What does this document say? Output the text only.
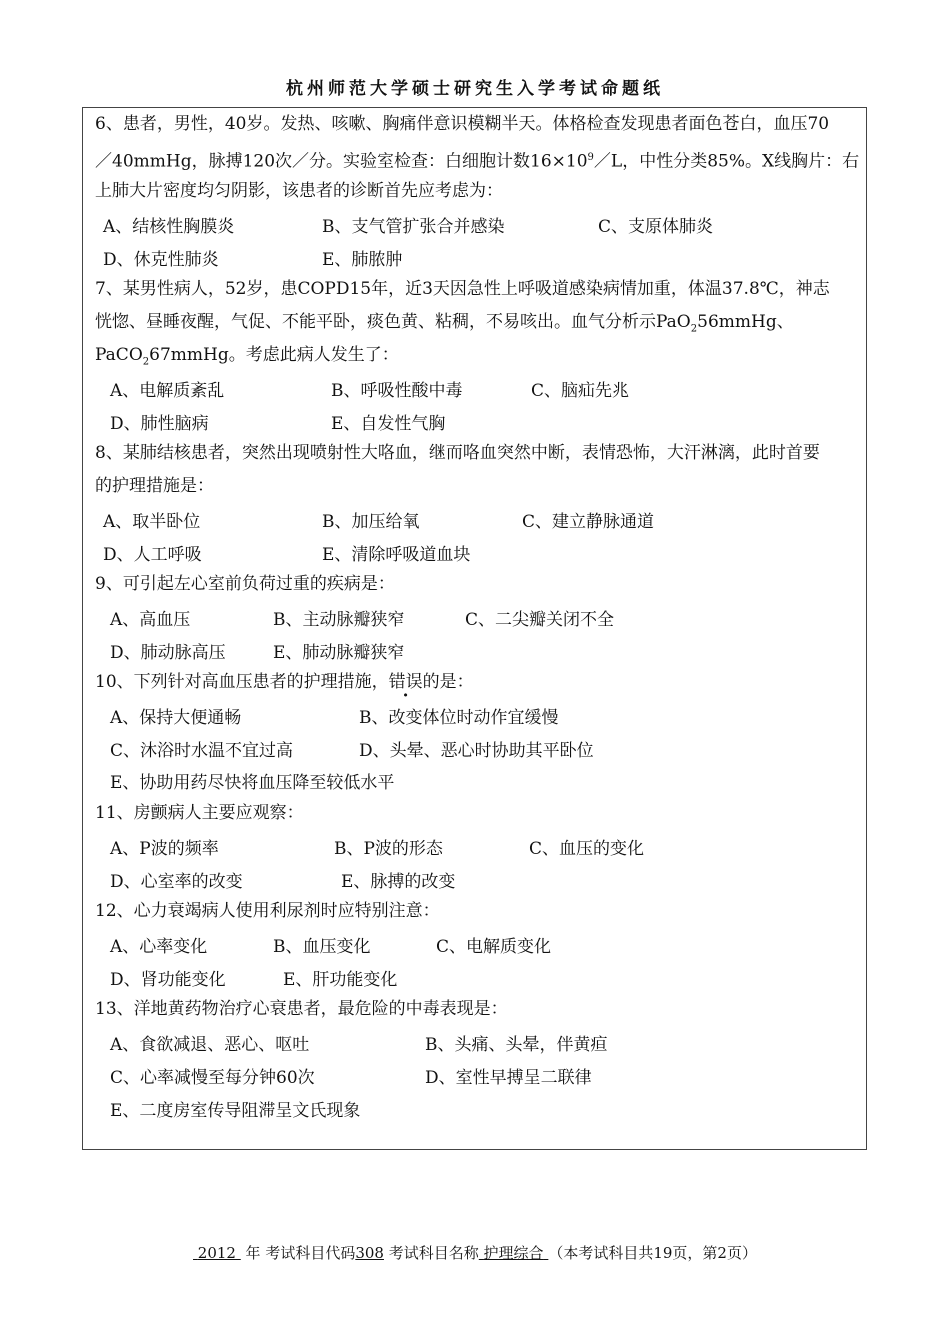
杭州师范大学硕士研究生入学考试命题纸
6、患者，男性，40岁。发热、咳嗽、胸痛伴意识模糊半天。体格检查发现患者面色苍白，血压70
／40mmHg，脉搏120次／分。实验室检查：白细胞计数$16\times 10^9/L$，中性分类85%。X线胸片：右
上肺大片密度均匀阴影，该患者的诊断首先应考虑为：
A、结核性胸膜炎	B、支气管扩张合并感染	C、支原体肺炎
D、休克性肺炎	E、肺脓肿
7、某男性病人，52岁，患COPD15年，近3天因急性上呼吸道感染病情加重，体温37.8℃，神志
恍惚、昼睡夜醒，气促、不能平卧，痰色黄、粘稠，不易咳出。血气分析示PaO$_2$56mmHg、
PaCO$_2$67mmHg。考虑此病人发生了：
A、电解质紊乱	B、呼吸性酸中毒	C、脑疝先兆
D、肺性脑病	E、自发性气胸
8、某肺结核患者，突然出现喷射性大咯血，继而咯血突然中断，表情恐怖，大汗淋漓，此时首要
的护理措施是：
A、取半卧位	B、加压给氧	C、建立静脉通道
D、人工呼吸	E、清除呼吸道血块
9、可引起左心室前负荷过重的疾病是：
A、高血压	B、主动脉瓣狭窄	C、二尖瓣关闭不全
D、肺动脉高压	E、肺动脉瓣狭窄
10、下列针对高血压患者的护理措施，错误的是：
A、保持大便通畅	B、改变体位时动作宜缓慢
C、沐浴时水温不宜过高	D、头晕、恶心时协助其平卧位
E、协助用药尽快将血压降至较低水平
11、房颤病人主要应观察：
A、P波的频率	B、P波的形态	C、血压的变化
D、心室率的改变	E、脉搏的改变
12、心力衰竭病人使用利尿剂时应特别注意：
A、心率变化	B、血压变化	C、电解质变化
D、肾功能变化	E、肝功能变化
13、洋地黄药物治疗心衰患者，最危险的中毒表现是：
A、食欲减退、恶心、呕吐	B、头痛、头晕，伴黄疸
C、心率减慢至每分钟60次	D、室性早搏呈二联律
E、二度房室传导阻滞呈文氏现象
2012 年 考试科目代码308 考试科目名称 护理综合 （本考试科目共19页，第2页）
